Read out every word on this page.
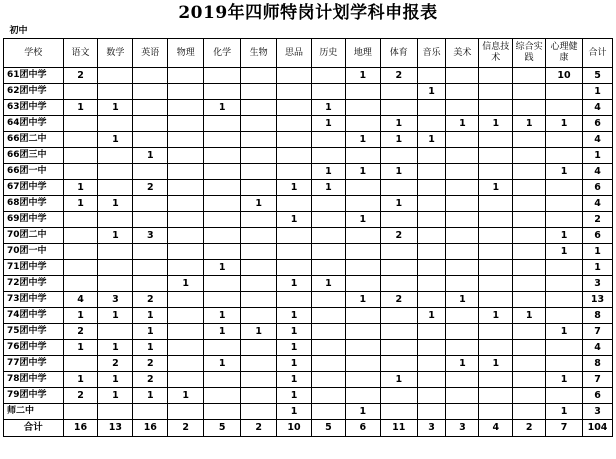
2019年四师特岗计划学科申报表
初中																
学校	语文	数学	英语	物理	化学	生物	思品	历史	地理	体育	音乐	美术	信息技术	综合实践	心理健康	合计
61团中学	2								1	2					10	5
62团中学											1					1
63团中学	1	1			1			1								4
64团中学								1		1		1	1	1	1	6
66团二中		1							1	1	1					4
66团三中			1													1
66团一中								1	1	1					1	4
67团中学	1		2				1	1					1			6
68团中学	1	1				1				1						4
69团中学							1		1							2
70团二中		1	3							2					1	6
70团一中															1	1
71团中学					1											1
72团中学				1			1	1								3
73团中学	4	3	2						1	2		1				13
74团中学	1	1	1		1		1				1		1	1		8
75团中学	2		1		1	1	1								1	7
76团中学	1	1	1				1									4
77团中学		2	2		1		1					1	1			8
78团中学	1	1	2				1			1					1	7
79团中学	2	1	1	1			1									6
师二中							1		1						1	3
合计	16	13	16	2	5	2	10	5	6	11	3	3	4	2	7	104
